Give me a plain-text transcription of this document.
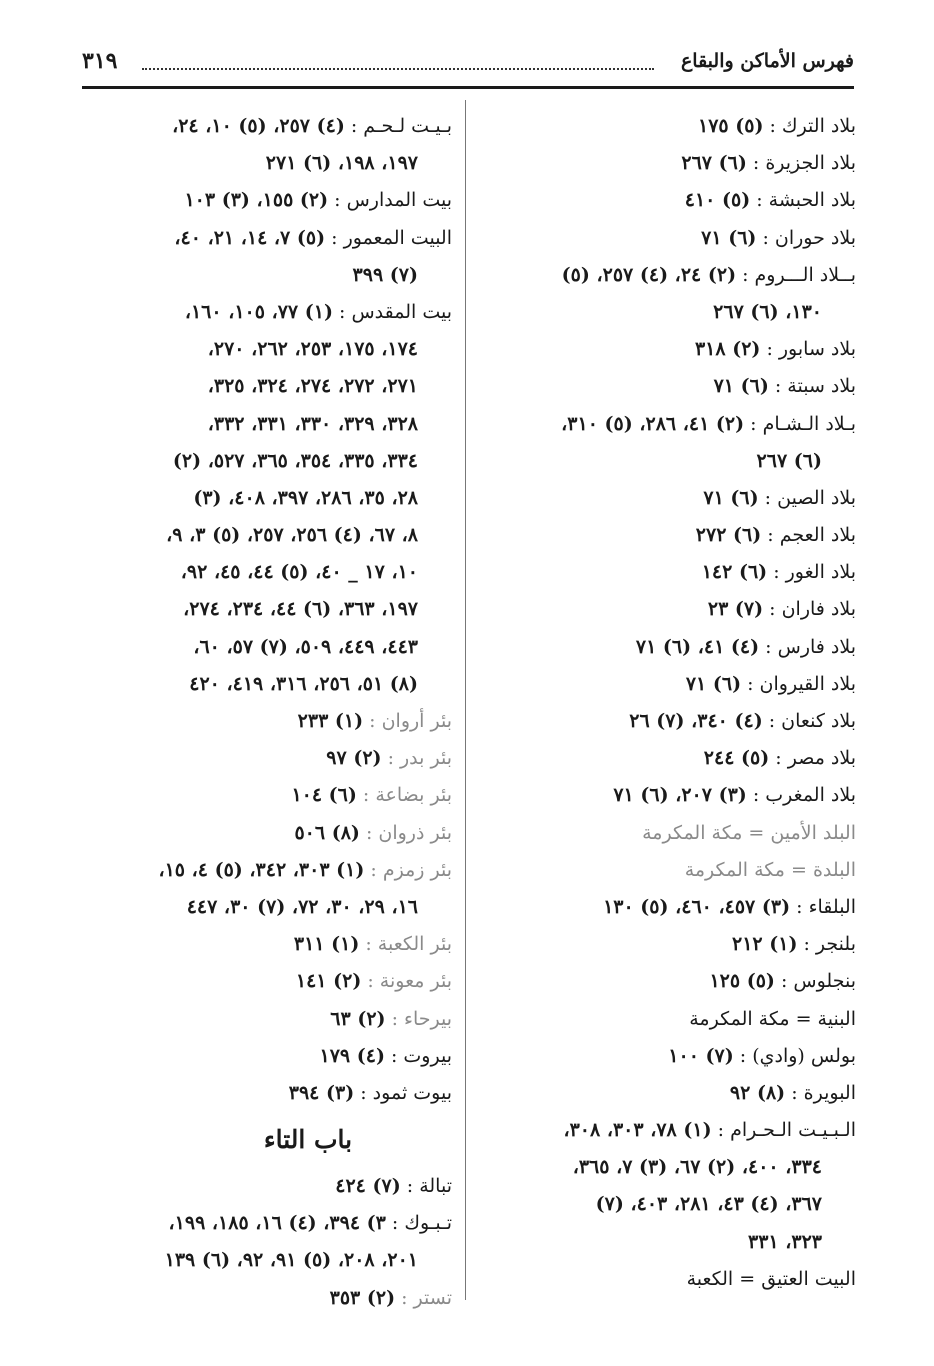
فهرس الأماكن والبقاع
٣١٩
بلاد الترك : (٥) ١٧٥
بلاد الجزيرة : (٦) ٢٦٧
بلاد الحبشة : (٥) ٤١٠
بلاد حوران : (٦) ٧١
بــلاد الـــروم : (٢) ٢٤، (٤) ٢٥٧، (٥)
١٣٠، (٦) ٢٦٧
بلاد سابور : (٢) ٣١٨
بلاد سبتة : (٦) ٧١
بـلاد الـشـام : (٢) ٤١، ٢٨٦، (٥) ٣١٠،
(٦) ٢٦٧
بلاد الصين : (٦) ٧١
بلاد العجم : (٦) ٢٧٢
بلاد الغور : (٦) ١٤٢
بلاد فاران : (٧) ٢٣
بلاد فارس : (٤) ٤١، (٦) ٧١
بلاد القيروان : (٦) ٧١
بلاد كنعان : (٤) ٣٤٠، (٧) ٢٦
بلاد مصر : (٥) ٢٤٤
بلاد المغرب : (٣) ٢٠٧، (٦) ٧١
البلد الأمين = مكة المكرمة
البلدة = مكة المكرمة
البلقاء : (٣) ٤٥٧، ٤٦٠، (٥) ١٣٠
بلنجر : (١) ٢١٢
بنجلوس : (٥) ١٢٥
البنية = مكة المكرمة
بولس (وادي) : (٧) ١٠٠
البويرة : (٨) ٩٢
الـبـيـت الـحـرام : (١) ٧٨، ٣٠٣، ٣٠٨،
٣٣٤، ٤٠٠، (٢) ٦٧، (٣) ٧، ٣٦٥،
٣٦٧، (٤) ٤٣، ٢٨١، ٤٠٣، (٧)
٣٢٣، ٣٣١
البيت العتيق = الكعبة
بـيـت لـحـم : (٤) ٢٥٧، (٥) ١٠، ٢٤،
١٩٧، ١٩٨، (٦) ٢٧١
بيت المدارس : (٢) ١٥٥، (٣) ١٠٣
البيت المعمور : (٥) ٧، ١٤، ٢١، ٤٠،
(٧) ٣٩٩
بيت المقدس : (١) ٧٧، ١٠٥، ١٦٠،
١٧٤، ١٧٥، ٢٥٣، ٢٦٢، ٢٧٠،
٢٧١، ٢٧٢، ٢٧٤، ٣٢٤، ٣٢٥،
٣٢٨، ٣٢٩، ٣٣٠، ٣٣١، ٣٣٢،
٣٣٤، ٣٣٥، ٣٥٤، ٣٦٥، ٥٢٧، (٢)
٢٨، ٣٥، ٢٨٦، ٣٩٧، ٤٠٨، (٣)
٨، ٦٧، (٤) ٢٥٦، ٢٥٧، (٥) ٣، ٩،
١٠، ١٧ _ ٤٠، (٥) ٤٤، ٤٥، ٩٢،
١٩٧، ٣٦٣، (٦) ٤٤، ٢٣٤، ٢٧٤،
٤٤٣، ٤٤٩، ٥٠٩، (٧) ٥٧، ٦٠،
(٨) ٥١، ٢٥٦، ٣١٦، ٤١٩، ٤٢٠
بئر أروان : (١) ٢٣٣
بئر بدر : (٢) ٩٧
بئر بضاعة : (٦) ١٠٤
بئر ذروان : (٨) ٥٠٦
بئر زمزم : (١) ٣٠٣، ٣٤٢، (٥) ٤، ١٥،
١٦، ٢٩، ٣٠، ٧٢، (٧) ٣٠، ٤٤٧
بئر الكعبة : (١) ٣١١
بئر معونة : (٢) ١٤١
بيرحاء : (٢) ٦٣
بيروت : (٤) ١٧٩
بيوت ثمود : (٣) ٣٩٤
باب التاء
تبالة : (٧) ٤٢٤
تـبـوك : ٣) ٣٩٤، (٤) ١٦، ١٨٥، ١٩٩،
٢٠١، ٢٠٨، (٥) ٩١، ٩٢، (٦) ١٣٩
تستر : (٢) ٣٥٣
